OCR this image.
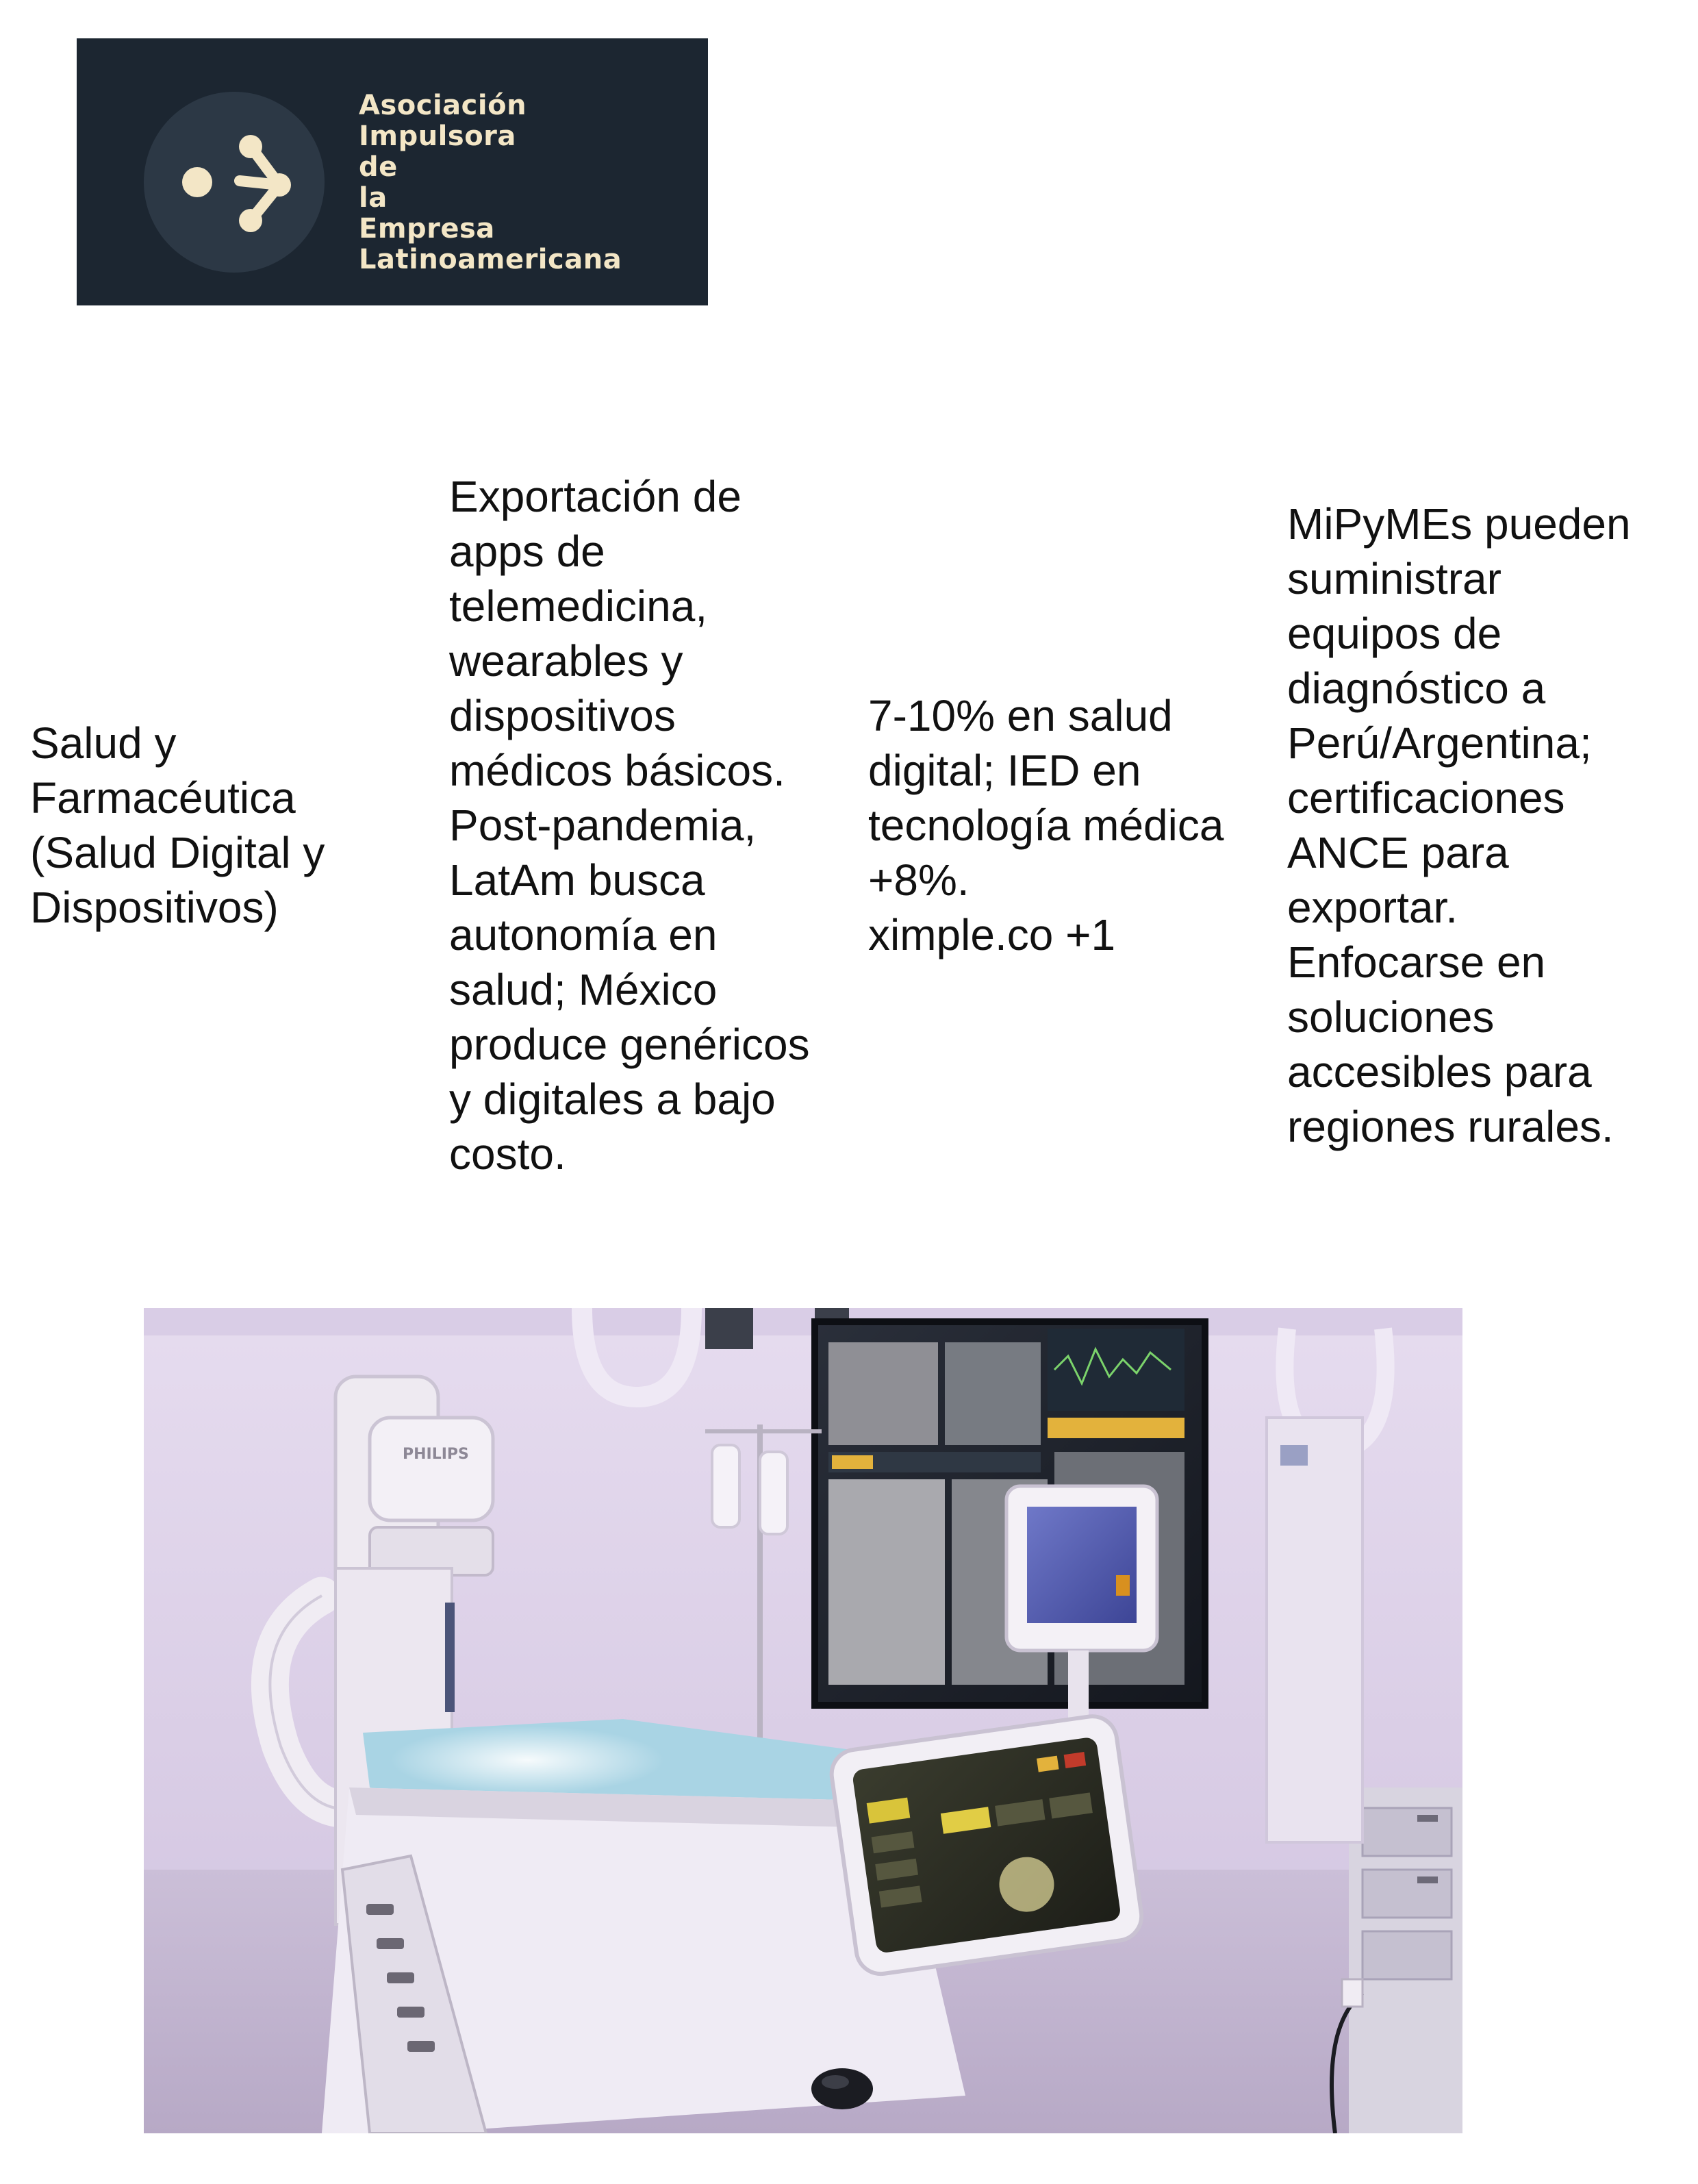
Asociación
Impulsora
de
la
Empresa
Latinoamericana
Salud y
Farmacéutica
(Salud Digital y
Dispositivos)
Exportación de
apps de
telemedicina,
wearables y
dispositivos
médicos básicos.
Post-pandemia,
LatAm busca
autonomía en
salud; México
produce genéricos
y digitales a bajo
costo.
7-10% en salud
digital; IED en
tecnología médica
+8%.
ximple.co +1
MiPyMEs pueden
suministrar
equipos de
diagnóstico a
Perú/Argentina;
certificaciones
ANCE para
exportar.
Enfocarse en
soluciones
accesibles para
regiones rurales.
PHILIPS
